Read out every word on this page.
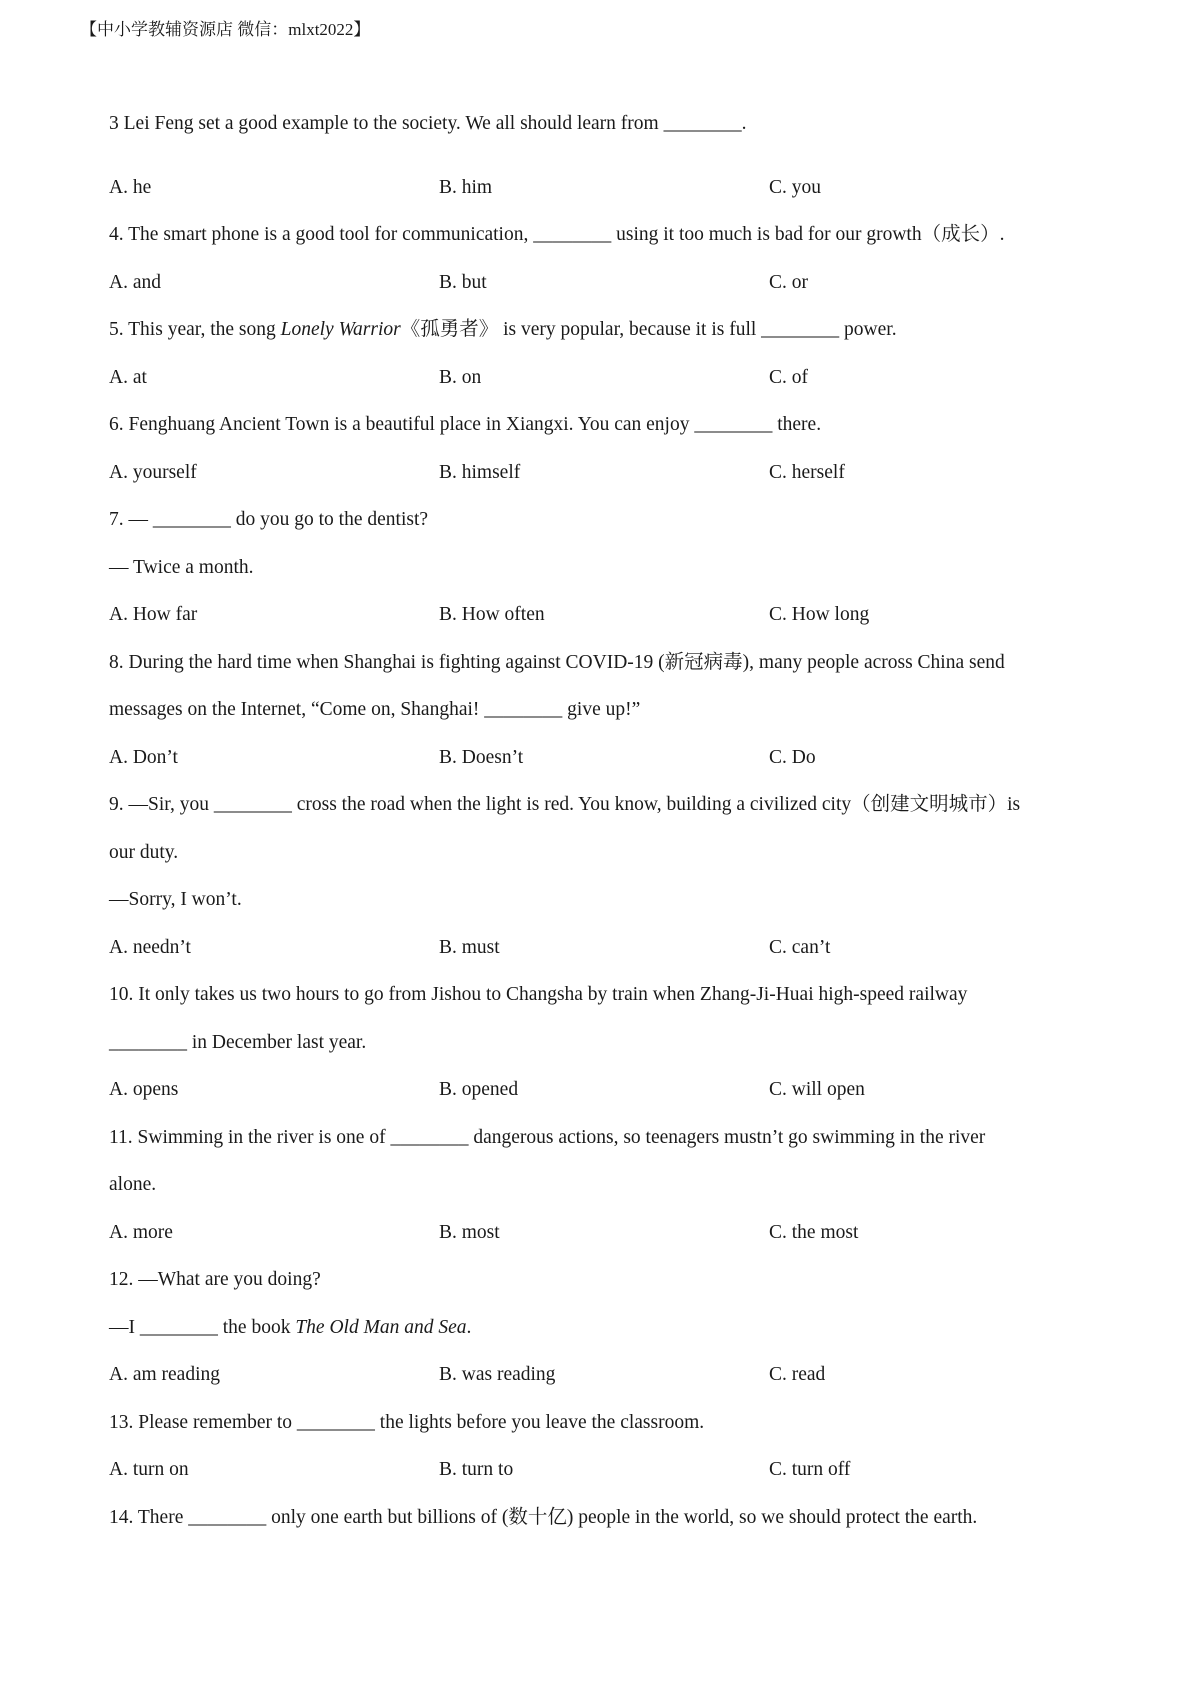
【中小学教辅资源店 微信：mlxt2022】
3 Lei Feng set a good example to the society. We all should learn from ________.
A. he	B. him	C. you
4. The smart phone is a good tool for communication, ________ using it too much is bad for our growth（成长）.
A. and	B. but	C. or
5. This year, the song Lonely Warrior《孤勇者》 is very popular, because it is full ________ power.
A. at	B. on	C. of
6. Fenghuang Ancient Town is a beautiful place in Xiangxi. You can enjoy ________ there.
A. yourself	B. himself	C. herself
7. — ________ do you go to the dentist?
— Twice a month.
A. How far	B. How often	C. How long
8. During the hard time when Shanghai is fighting against COVID-19 (新冠病毒), many people across China send
messages on the Internet, “Come on, Shanghai! ________ give up!”
A. Don’t	B. Doesn’t	C. Do
9. —Sir, you ________ cross the road when the light is red. You know, building a civilized city（创建文明城市）is
our duty.
—Sorry, I won’t.
A. needn’t	B. must	C. can’t
10. It only takes us two hours to go from Jishou to Changsha by train when Zhang-Ji-Huai high-speed railway
________ in December last year.
A. opens	B. opened	C. will open
11. Swimming in the river is one of ________ dangerous actions, so teenagers mustn’t go swimming in the river
alone.
A. more	B. most	C. the most
12. —What are you doing?
—I ________ the book The Old Man and Sea.
A. am reading	B. was reading	C. read
13. Please remember to ________ the lights before you leave the classroom.
A. turn on	B. turn to	C. turn off
14. There ________ only one earth but billions of (数十亿) people in the world, so we should protect the earth.
